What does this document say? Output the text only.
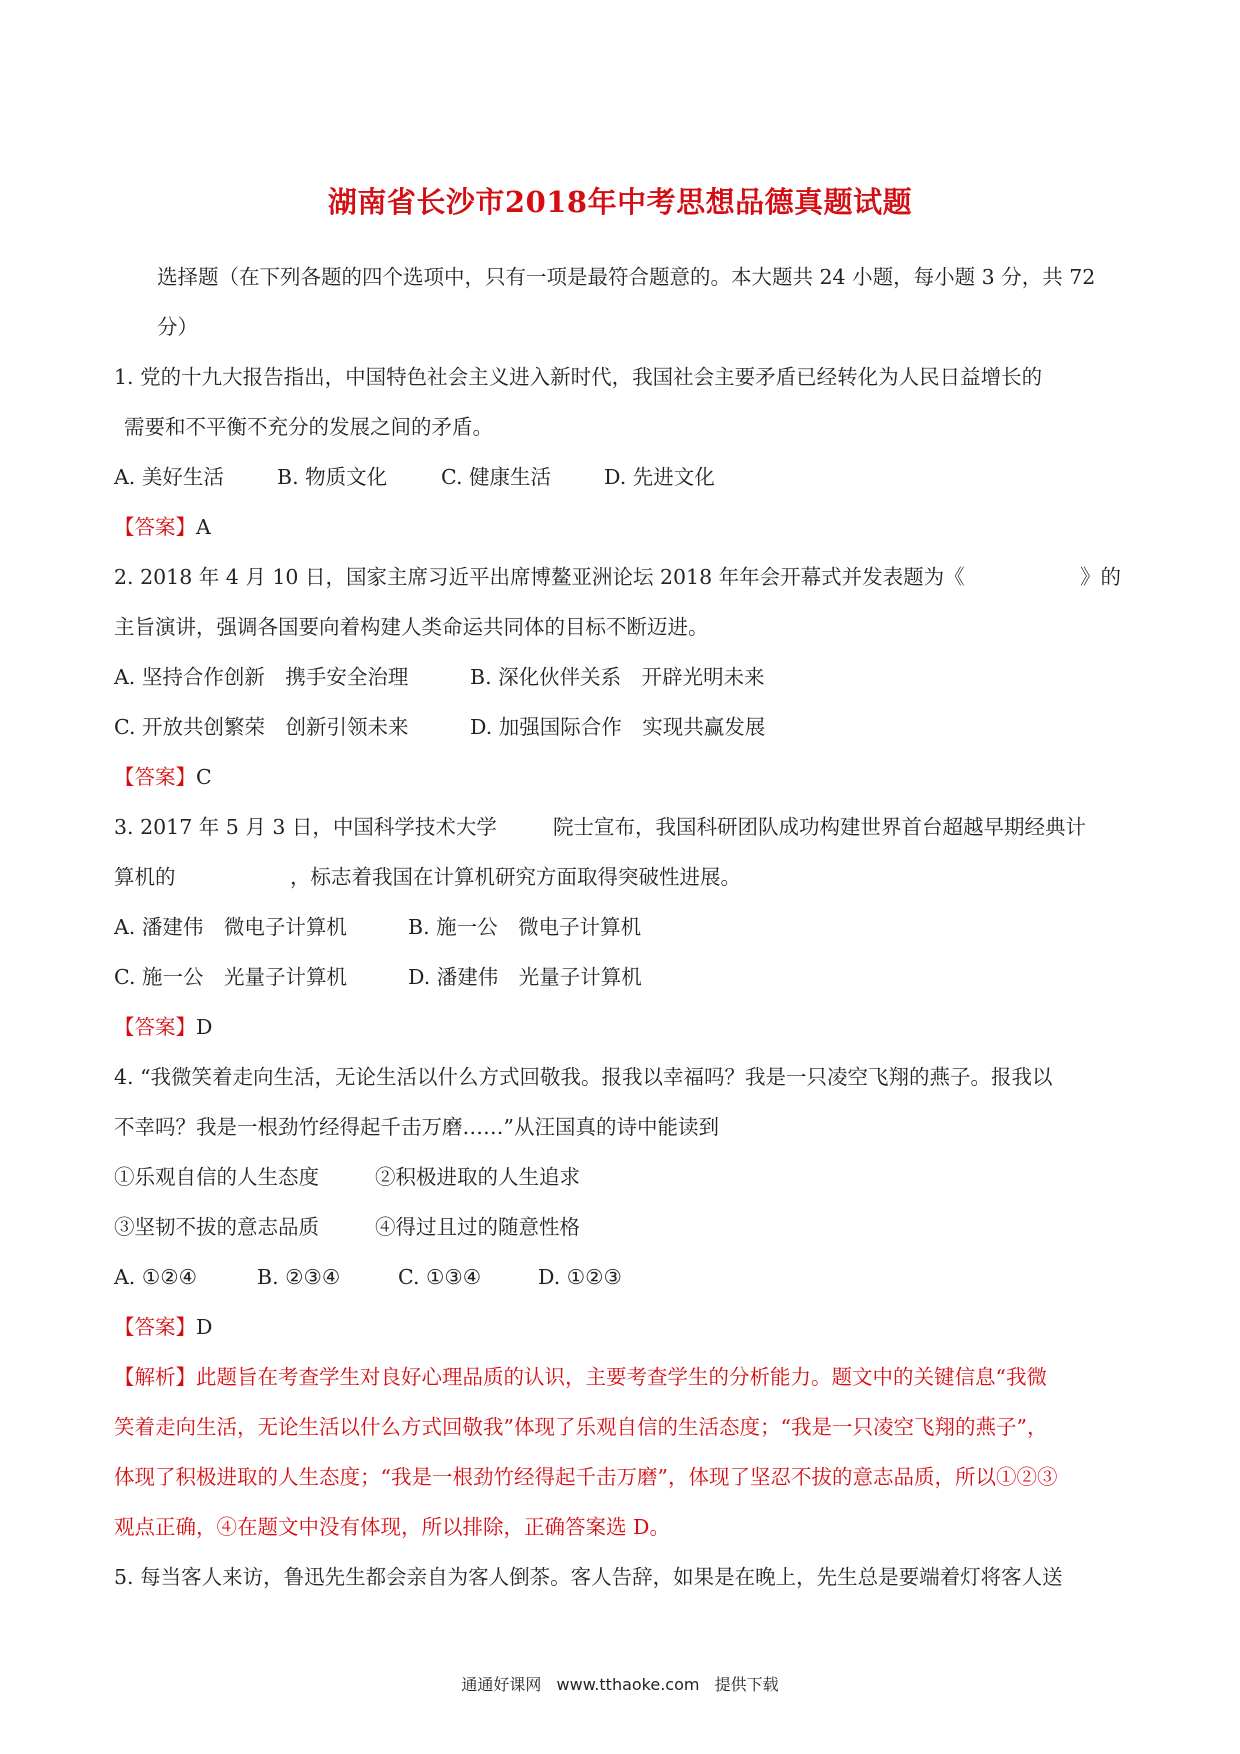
湖南省长沙市2018年中考思想品德真题试题
选择题（在下列各题的四个选项中，只有一项是最符合题意的。本大题共 24 小题，每小题 3 分，共 72
分）
1. 党的十九大报告指出，中国特色社会主义进入新时代，我国社会主要矛盾已经转化为人民日益增长的
需要和不平衡不充分的发展之间的矛盾。
A. 美好生活	B. 物质文化	C. 健康生活	D. 先进文化
【答案】A
2. 2018 年 4 月 10 日，国家主席习近平出席博鳌亚洲论坛 2018 年年会开幕式并发表题为《	》的
主旨演讲，强调各国要向着构建人类命运共同体的目标不断迈进。
A. 坚持合作创新　携手安全治理	B. 深化伙伴关系　开辟光明未来
C. 开放共创繁荣　创新引领未来	D. 加强国际合作　实现共赢发展
【答案】C
3. 2017 年 5 月 3 日，中国科学技术大学	院士宣布，我国科研团队成功构建世界首台超越早期经典计
算机的	，标志着我国在计算机研究方面取得突破性进展。
A. 潘建伟　微电子计算机	B. 施一公　微电子计算机
C. 施一公　光量子计算机	D. 潘建伟　光量子计算机
【答案】D
4. “我微笑着走向生活，无论生活以什么方式回敬我。报我以幸福吗？我是一只凌空飞翔的燕子。报我以
不幸吗？我是一根劲竹经得起千击万磨……”从汪国真的诗中能读到
①乐观自信的人生态度	②积极进取的人生追求
③坚韧不拔的意志品质	④得过且过的随意性格
A. ①②④	B. ②③④	C. ①③④	D. ①②③
【答案】D
【解析】此题旨在考查学生对良好心理品质的认识，主要考查学生的分析能力。题文中的关键信息“我微
笑着走向生活，无论生活以什么方式回敬我”体现了乐观自信的生活态度；“我是一只凌空飞翔的燕子”，
体现了积极进取的人生态度；“我是一根劲竹经得起千击万磨”，体现了坚忍不拔的意志品质，所以①②③
观点正确，④在题文中没有体现，所以排除，正确答案选 D。
5. 每当客人来访，鲁迅先生都会亲自为客人倒茶。客人告辞，如果是在晚上，先生总是要端着灯将客人送
通通好课网 www.tthaoke.com 提供下载
